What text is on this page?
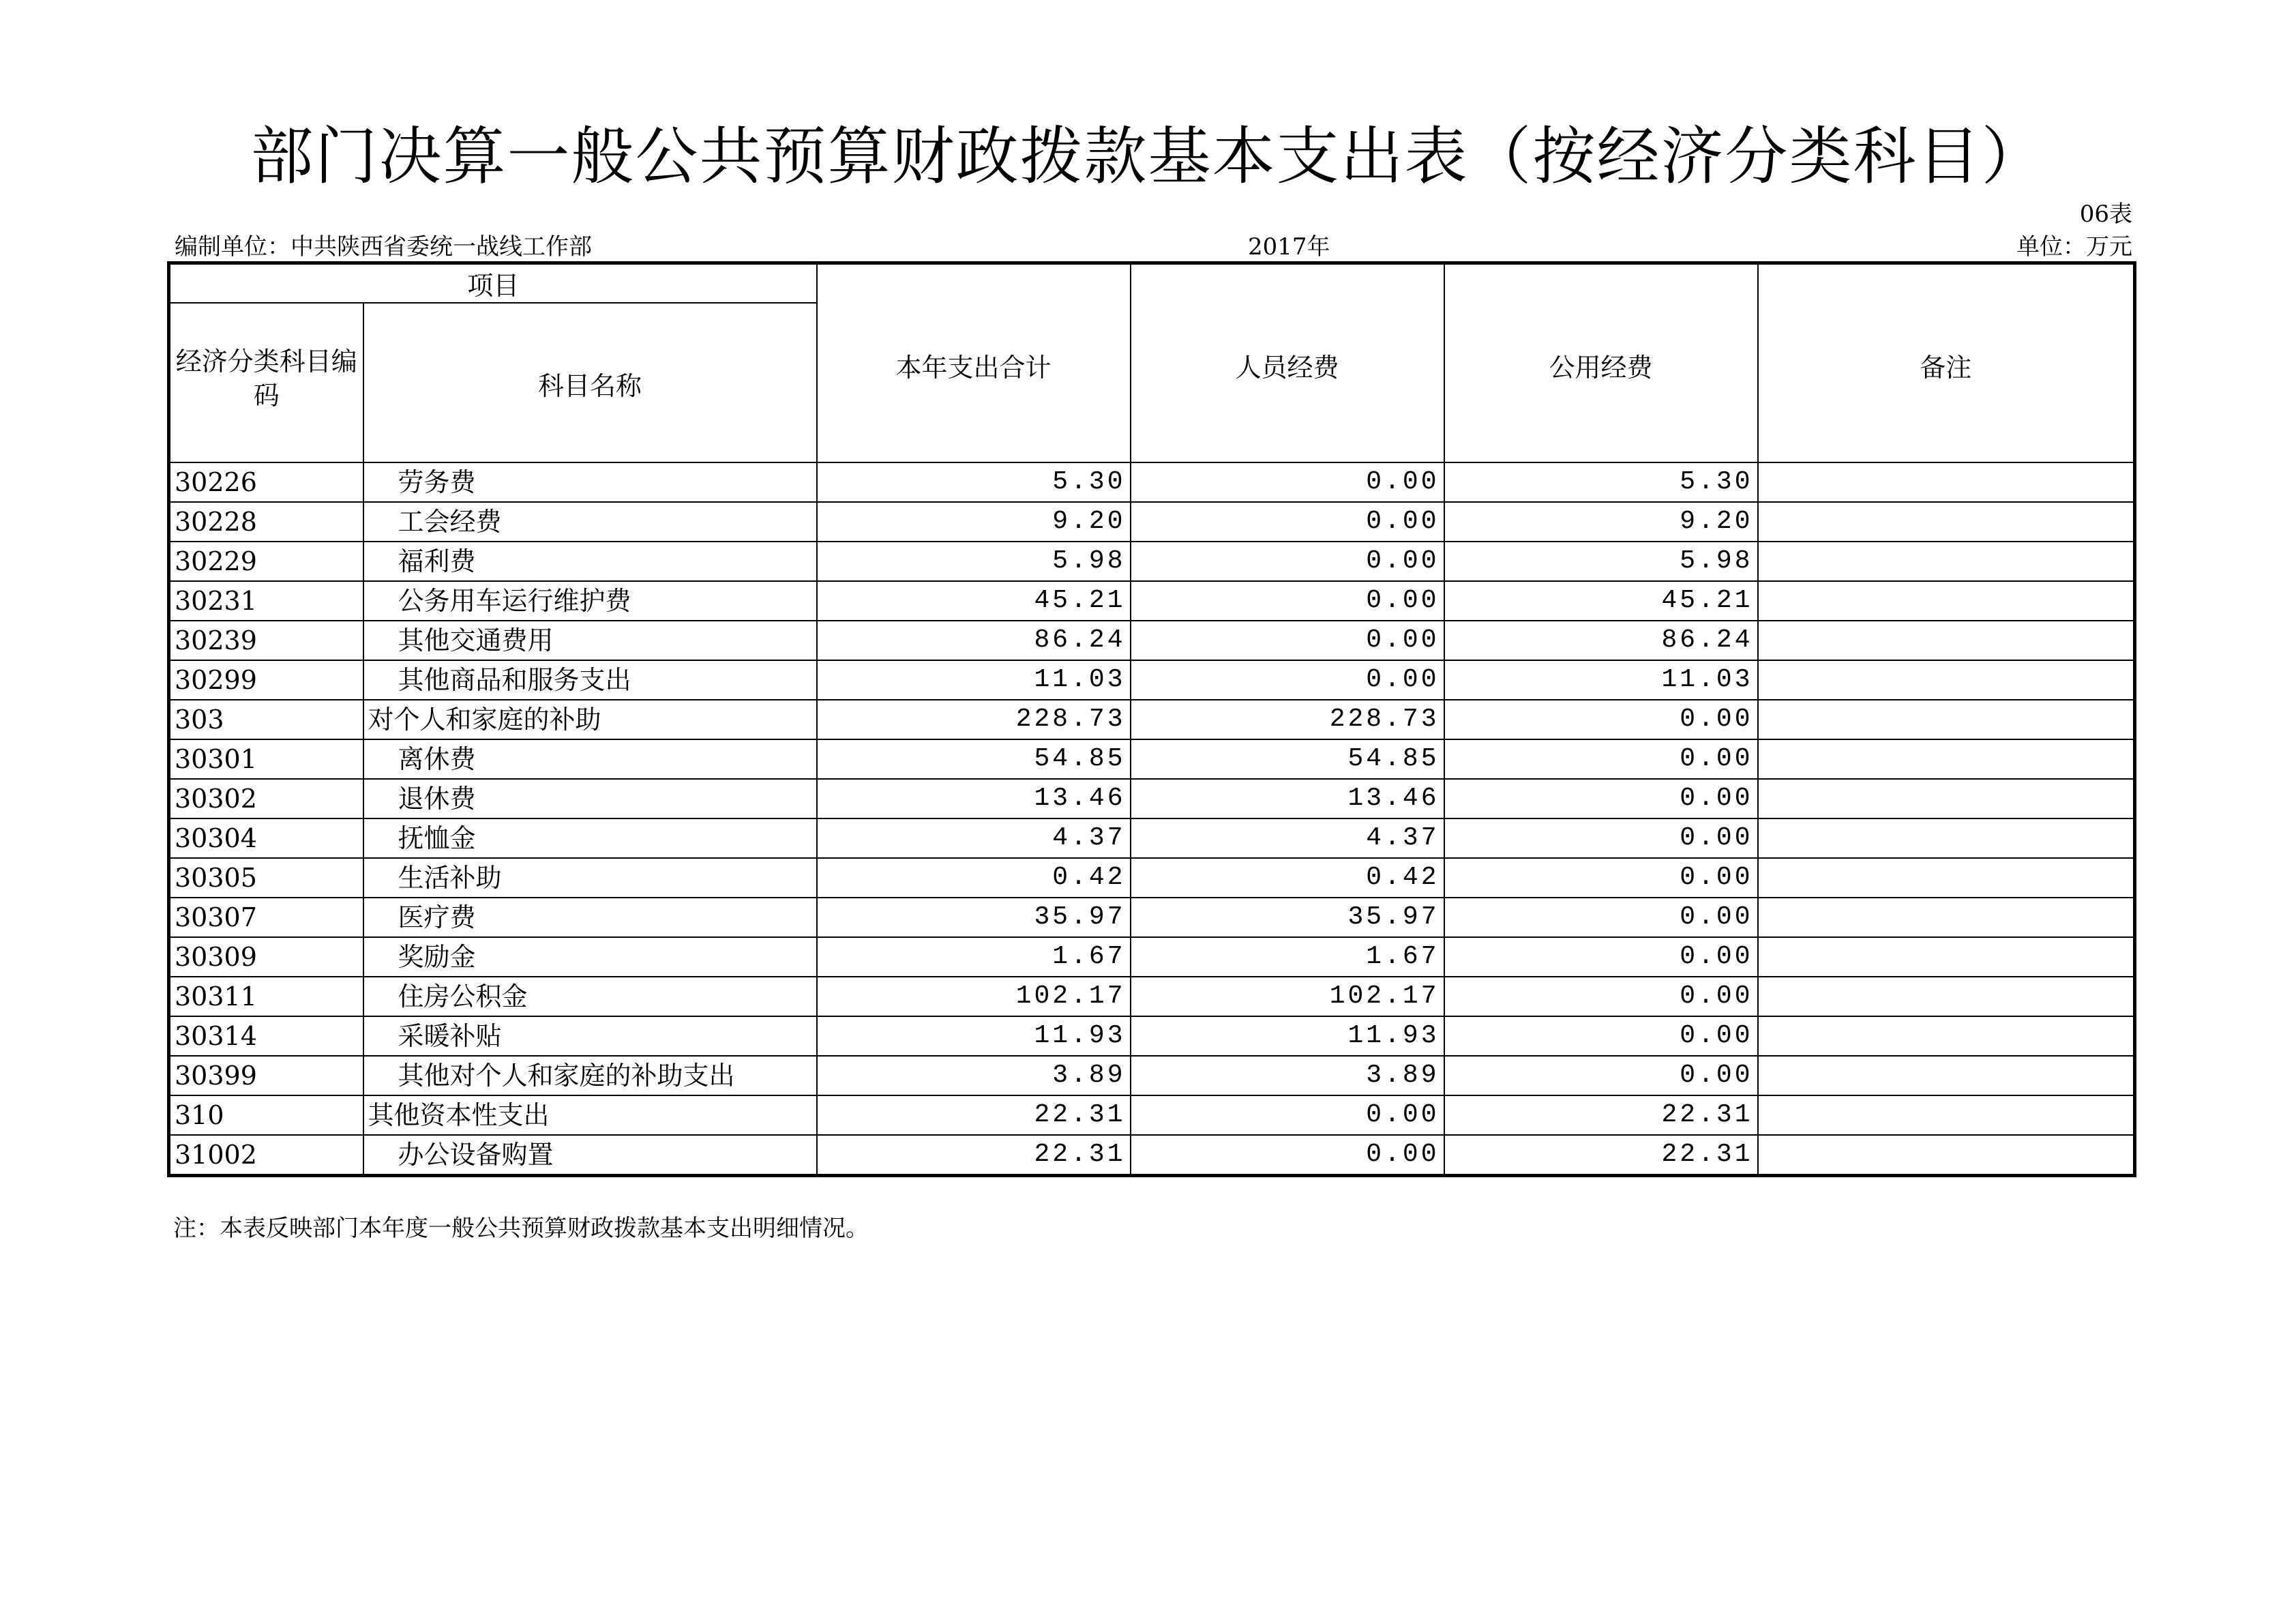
部门决算一般公共预算财政拨款基本支出表（按经济分类科目）
06表
编制单位：中共陕西省委统一战线工作部	2017年	单位：万元
项目		本年支出合计	人员经费	公用经费	备注
经济分类科目编码	科目名称				
30226	劳务费	5.30	0.00	5.30	
30228	工会经费	9.20	0.00	9.20	
30229	福利费	5.98	0.00	5.98	
30231	公务用车运行维护费	45.21	0.00	45.21	
30239	其他交通费用	86.24	0.00	86.24	
30299	其他商品和服务支出	11.03	0.00	11.03	
303	对个人和家庭的补助	228.73	228.73	0.00	
30301	离休费	54.85	54.85	0.00	
30302	退休费	13.46	13.46	0.00	
30304	抚恤金	4.37	4.37	0.00	
30305	生活补助	0.42	0.42	0.00	
30307	医疗费	35.97	35.97	0.00	
30309	奖励金	1.67	1.67	0.00	
30311	住房公积金	102.17	102.17	0.00	
30314	采暖补贴	11.93	11.93	0.00	
30399	其他对个人和家庭的补助支出	3.89	3.89	0.00	
310	其他资本性支出	22.31	0.00	22.31	
31002	办公设备购置	22.31	0.00	22.31	
注：本表反映部门本年度一般公共预算财政拨款基本支出明细情况。
